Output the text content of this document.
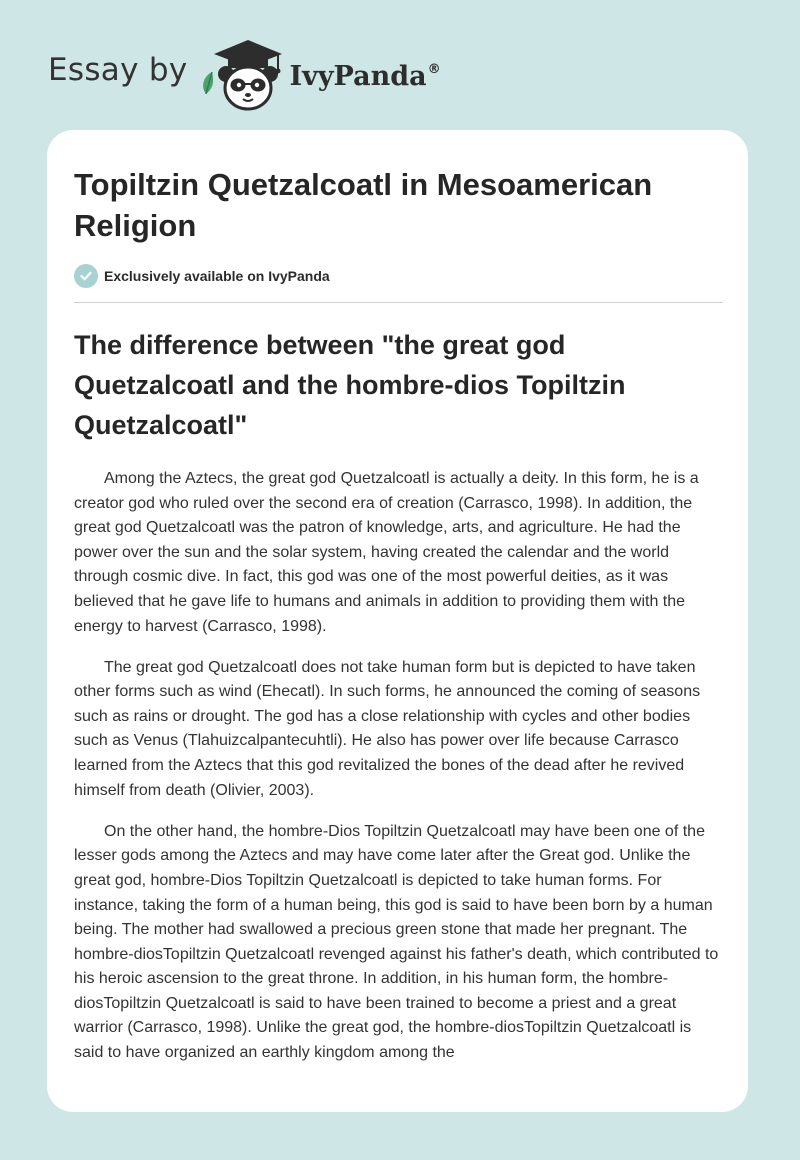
Essay by	IvyPanda®
Topiltzin Quetzalcoatl in Mesoamerican Religion
Exclusively available on IvyPanda
The difference between "the great god Quetzalcoatl and the hombre-dios Topiltzin Quetzalcoatl"

Among the Aztecs, the great god Quetzalcoatl is actually a deity. In this form, he is a creator god who ruled over the second era of creation (Carrasco, 1998). In addition, the great god Quetzalcoatl was the patron of knowledge, arts, and agriculture. He had the power over the sun and the solar system, having created the calendar and the world through cosmic dive. In fact, this god was one of the most powerful deities, as it was believed that he gave life to humans and animals in addition to providing them with the energy to harvest (Carrasco, 1998).

The great god Quetzalcoatl does not take human form but is depicted to have taken other forms such as wind (Ehecatl). In such forms, he announced the coming of seasons such as rains or drought. The god has a close relationship with cycles and other bodies such as Venus (Tlahuizcalpantecuhtli). He also has power over life because Carrasco learned from the Aztecs that this god revitalized the bones of the dead after he revived himself from death (Olivier, 2003).

On the other hand, the hombre-Dios Topiltzin Quetzalcoatl may have been one of the lesser gods among the Aztecs and may have come later after the Great god. Unlike the great god, hombre-Dios Topiltzin Quetzalcoatl is depicted to take human forms. For instance, taking the form of a human being, this god is said to have been born by a human being. The mother had swallowed a precious green stone that made her pregnant. The hombre-diosTopiltzin Quetzalcoatl revenged against his father's death, which contributed to his heroic ascension to the great throne. In addition, in his human form, the hombre-diosTopiltzin Quetzalcoatl is said to have been trained to become a priest and a great warrior (Carrasco, 1998). Unlike the great god, the hombre-diosTopiltzin Quetzalcoatl is said to have organized an earthly kingdom among the
